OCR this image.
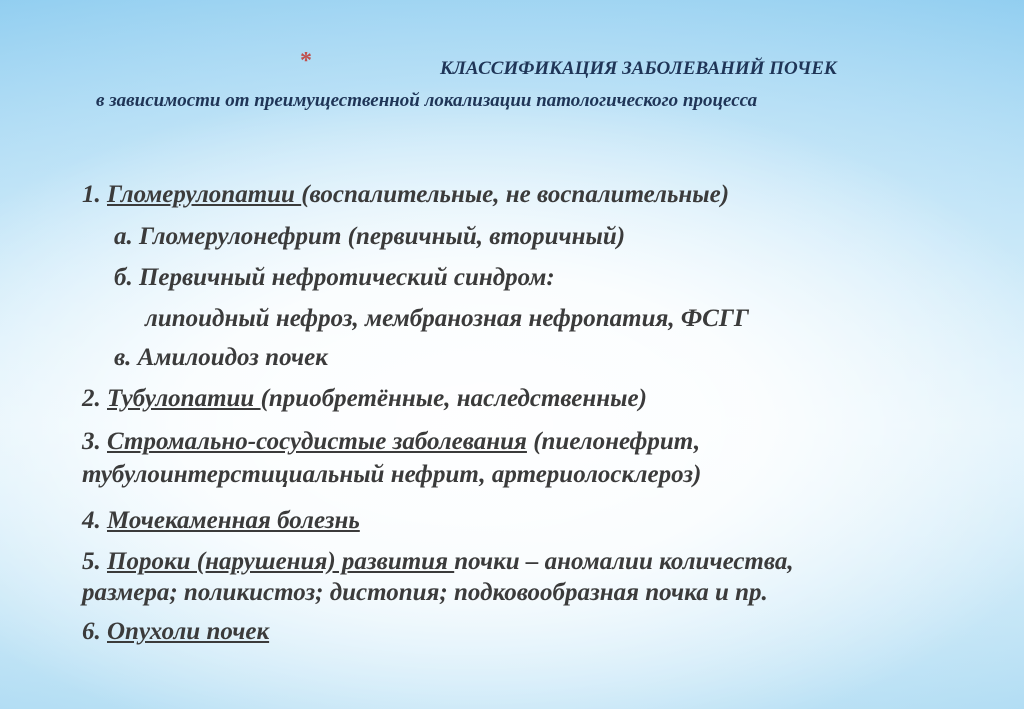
*	КЛАССИФИКАЦИЯ ЗАБОЛЕВАНИЙ ПОЧЕК
в зависимости от преимущественной локализации патологического процесса
1. Гломерулопатии (воспалительные, не воспалительные)
а. Гломерулонефрит (первичный, вторичный)
б. Первичный нефротический синдром:
липоидный нефроз, мембранозная нефропатия, ФСГГ
в. Амилоидоз почек
2. Тубулопатии (приобретённые, наследственные)
3. Стромально-сосудистые заболевания (пиелонефрит,
тубулоинтерстициальный нефрит, артериолосклероз)
4. Мочекаменная болезнь
5. Пороки (нарушения) развития почки – аномалии количества,
размера; поликистоз; дистопия; подковообразная почка и пр.
6. Опухоли почек
